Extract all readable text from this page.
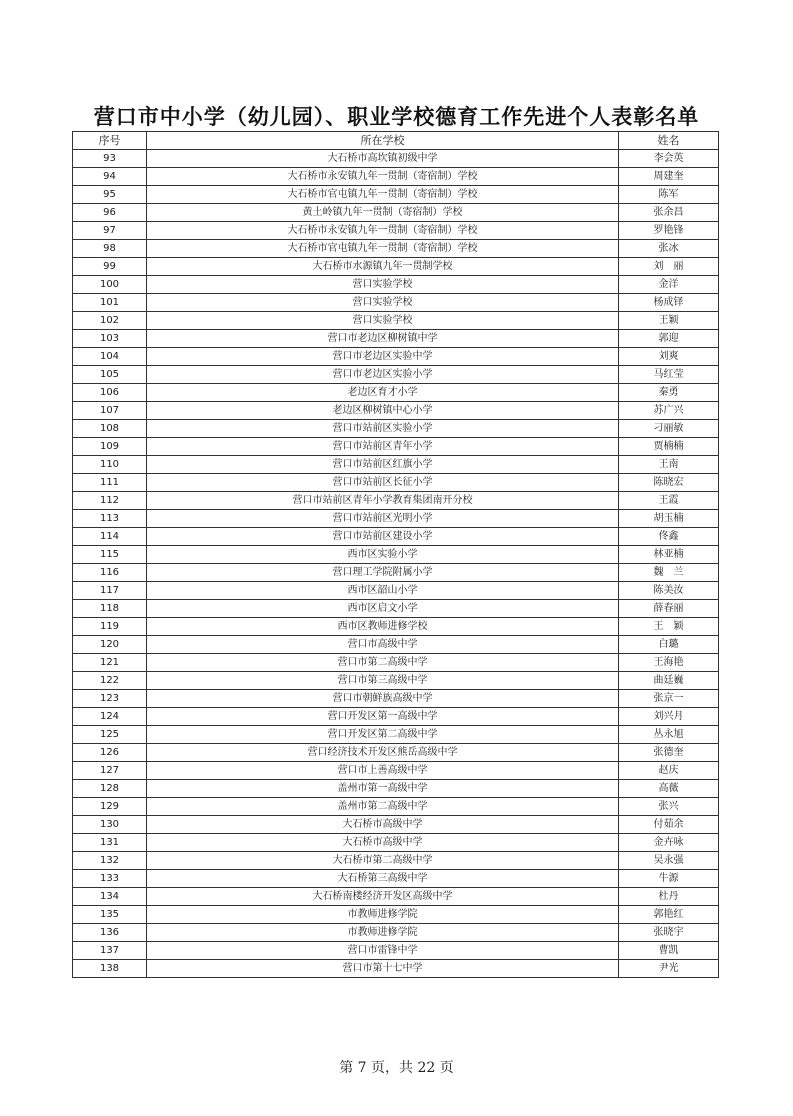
营口市中小学（幼儿园）、职业学校德育工作先进个人表彰名单
序号	所在学校	姓名
93	大石桥市高坎镇初级中学	李会英
94	大石桥市永安镇九年一贯制（寄宿制）学校	周建奎
95	大石桥市官屯镇九年一贯制（寄宿制）学校	陈军
96	黄土岭镇九年一贯制（寄宿制）学校	张余昌
97	大石桥市永安镇九年一贯制（寄宿制）学校	罗艳锋
98	大石桥市官屯镇九年一贯制（寄宿制）学校	张冰
99	大石桥市水源镇九年一贯制学校	刘　丽
100	营口实验学校	金洋
101	营口实验学校	杨成铎
102	营口实验学校	王颖
103	营口市老边区柳树镇中学	郭迎
104	营口市老边区实验中学	刘爽
105	营口市老边区实验小学	马红莹
106	老边区育才小学	秦勇
107	老边区柳树镇中心小学	苏广兴
108	营口市站前区实验小学	刁丽敏
109	营口市站前区青年小学	贾楠楠
110	营口市站前区红旗小学	王南
111	营口市站前区长征小学	陈晓宏
112	营口市站前区青年小学教育集团南开分校	王霞
113	营口市站前区光明小学	胡玉楠
114	营口市站前区建设小学	佟鑫
115	西市区实验小学	林亚楠
116	营口理工学院附属小学	魏　兰
117	西市区韶山小学	陈美汝
118	西市区启文小学	薛春丽
119	西市区教师进修学校	王　颖
120	营口市高级中学	白璐
121	营口市第二高级中学	王海艳
122	营口市第三高级中学	曲廷巍
123	营口市朝鲜族高级中学	张京一
124	营口开发区第一高级中学	刘兴月
125	营口开发区第二高级中学	丛永旭
126	营口经济技术开发区熊岳高级中学	张德奎
127	营口市上善高级中学	赵庆
128	盖州市第一高级中学	高薇
129	盖州市第二高级中学	张兴
130	大石桥市高级中学	付茹余
131	大石桥市高级中学	金卉咏
132	大石桥市第二高级中学	吴永强
133	大石桥第三高级中学	牛源
134	大石桥南楼经济开发区高级中学	杜丹
135	市教师进修学院	郭艳红
136	市教师进修学院	张晓宇
137	营口市雷锋中学	曹凯
138	营口市第十七中学	尹光
第 7 页，共 22 页
